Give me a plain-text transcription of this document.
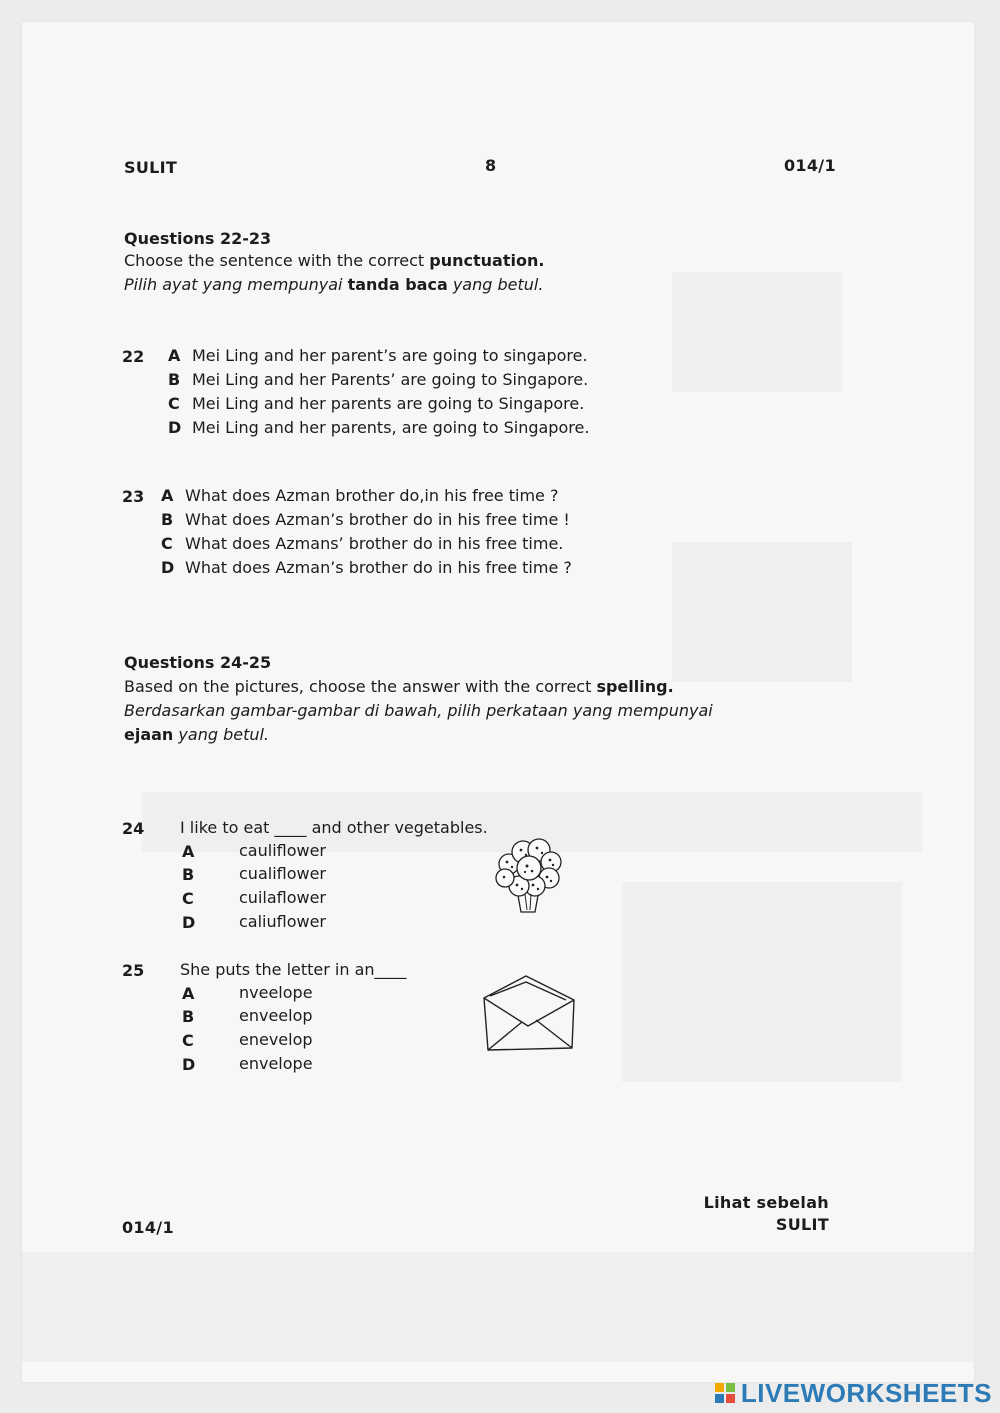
SULIT	8	014/1
Questions 22-23
Choose the sentence with the correct punctuation.
Pilih ayat yang mempunyai tanda baca yang betul.
22 A Mei Ling and her parent’s are going to singapore.
B Mei Ling and her Parents’ are going to Singapore.
C Mei Ling and her parents are going to Singapore.
D Mei Ling and her parents, are going to Singapore.
23 A What does Azman brother do,in his free time ?
B What does Azman’s brother do in his free time !
C What does Azmans’ brother do in his free time.
D What does Azman’s brother do in his free time ?
Questions 24-25
Based on the pictures, choose the answer with the correct spelling.
Berdasarkan gambar-gambar di bawah, pilih perkataan yang mempunyai
ejaan yang betul.
24 I like to eat ____ and other vegetables.
A	cauliflower
B	cualiflower
C	cuilaflower
D	caliuflower
25 She puts the letter in an____
A	nveelope
B	enveelop
C	enevelop
D	envelope
014/1
Lihat sebelah
SULIT
LIVEWORKSHEETS
